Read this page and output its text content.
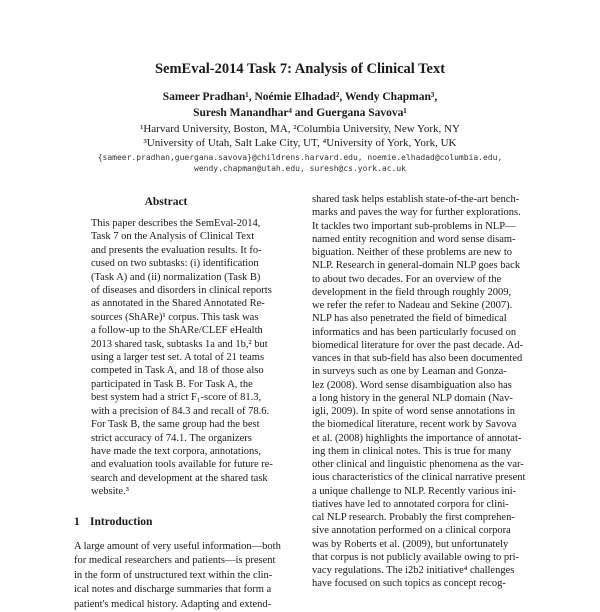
SemEval-2014 Task 7: Analysis of Clinical Text
Sameer Pradhan¹, Noémie Elhadad², Wendy Chapman³,
Suresh Manandhar⁴ and Guergana Savova¹
¹Harvard University, Boston, MA, ²Columbia University, New York, NY
³University of Utah, Salt Lake City, UT, ⁴University of York, York, UK
{sameer.pradhan,guergana.savova}@childrens.harvard.edu, noemie.elhadad@columbia.edu,
wendy.chapman@utah.edu, suresh@cs.york.ac.uk
Abstract
This paper describes the SemEval-2014,
Task 7 on the Analysis of Clinical Text
and presents the evaluation results. It fo-
cused on two subtasks: (i) identification
(Task A) and (ii) normalization (Task B)
of diseases and disorders in clinical reports
as annotated in the Shared Annotated Re-
sources (ShARe)¹ corpus. This task was
a follow-up to the ShARe/CLEF eHealth
2013 shared task, subtasks 1a and 1b,² but
using a larger test set. A total of 21 teams
competed in Task A, and 18 of those also
participated in Task B. For Task A, the
best system had a strict F₁-score of 81.3,
with a precision of 84.3 and recall of 78.6.
For Task B, the same group had the best
strict accuracy of 74.1. The organizers
have made the text corpora, annotations,
and evaluation tools available for future re-
search and development at the shared task
website.³
1 Introduction
A large amount of very useful information—both
for medical researchers and patients—is present
in the form of unstructured text within the clin-
ical notes and discharge summaries that form a
patient's medical history. Adapting and extend-
shared task helps establish state-of-the-art bench-
marks and paves the way for further explorations.
It tackles two important sub-problems in NLP—
named entity recognition and word sense disam-
biguation. Neither of these problems are new to
NLP. Research in general-domain NLP goes back
to about two decades. For an overview of the
development in the field through roughly 2009,
we refer the refer to Nadeau and Sekine (2007).
NLP has also penetrated the field of bimedical
informatics and has been particularly focused on
biomedical literature for over the past decade. Ad-
vances in that sub-field has also been documented
in surveys such as one by Leaman and Gonza-
lez (2008). Word sense disambiguation also has
a long history in the general NLP domain (Nav-
igli, 2009). In spite of word sense annotations in
the biomedical literature, recent work by Savova
et al. (2008) highlights the importance of annotat-
ing them in clinical notes. This is true for many
other clinical and linguistic phenomena as the var-
ious characteristics of the clinical narrative present
a unique challenge to NLP. Recently various ini-
tiatives have led to annotated corpora for clini-
cal NLP research. Probably the first comprehen-
sive annotation performed on a clinical corpora
was by Roberts et al. (2009), but unfortunately
that corpus is not publicly available owing to pri-
vacy regulations. The i2b2 initiative⁴ challenges
have focused on such topics as concept recog-
